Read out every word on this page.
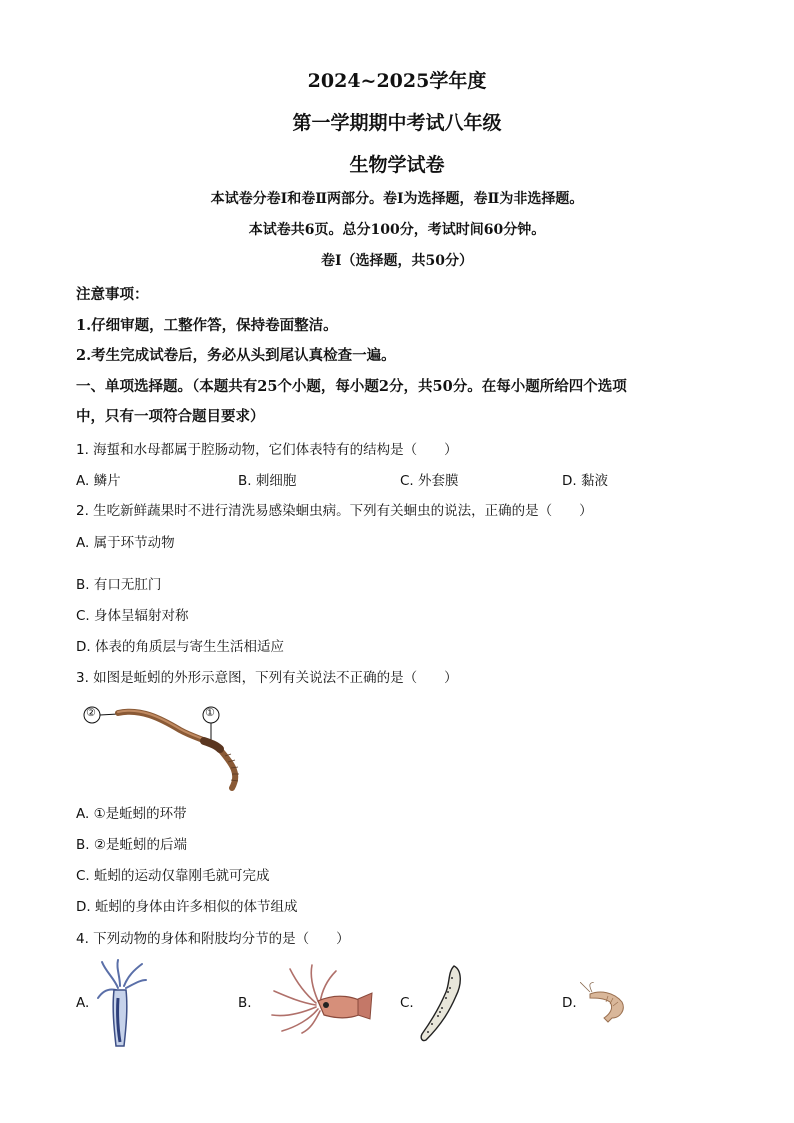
2024~2025学年度
第一学期期中考试八年级
生物学试卷
本试卷分卷Ⅰ和卷Ⅱ两部分。卷Ⅰ为选择题，卷Ⅱ为非选择题。
本试卷共6页。总分100分，考试时间60分钟。
卷Ⅰ（选择题，共50分）
注意事项：
1.仔细审题，工整作答，保持卷面整洁。
2.考生完成试卷后，务必从头到尾认真检查一遍。
一、单项选择题。（本题共有25个小题，每小题2分，共50分。在每小题所给四个选项
中，只有一项符合题目要求）
1. 海蜇和水母都属于腔肠动物，它们体表特有的结构是（　　）
A. 鳞片	B. 刺细胞	C. 外套膜	D. 黏液
2. 生吃新鲜蔬果时不进行清洗易感染蛔虫病。下列有关蛔虫的说法，正确的是（　　）
A. 属于环节动物
B. 有口无肛门
C. 身体呈辐射对称
D. 体表的角质层与寄生生活相适应
3. 如图是蚯蚓的外形示意图，下列有关说法不正确的是（　　）
②	①
A. ①是蚯蚓的环带
B. ②是蚯蚓的后端
C. 蚯蚓的运动仅靠刚毛就可完成
D. 蚯蚓的身体由许多相似的体节组成
4. 下列动物的身体和附肢均分节的是（　　）
A.	B.	C.	D.
